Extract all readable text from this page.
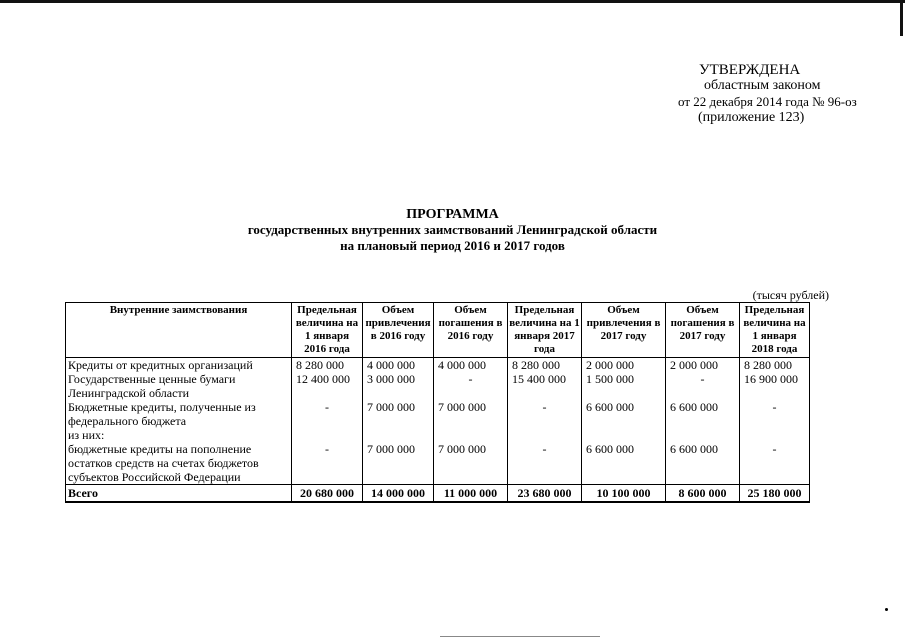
УТВЕРЖДЕНА
областным законом
от 22 декабря 2014 года № 96-оз
(приложение 123)
ПРОГРАММА
государственных внутренних заимствований Ленинградской области
на плановый период 2016 и 2017 годов
(тысяч рублей)
Внутренние заимствования	Предельная величина на 1 января 2016 года	Объем привлечения в 2016 году	Объем погашения в 2016 году	Предельная величина на 1 января 2017 года	Объем привлечения в 2017 году	Объем погашения в 2017 году	Предельная величина на 1 января 2018 года
Кредиты от кредитных организаций	8 280 000	4 000 000	4 000 000	8 280 000	2 000 000	2 000 000	8 280 000
Государственные ценные бумаги Ленинградской области	12 400 000	3 000 000	-	15 400 000	1 500 000	-	16 900 000
Бюджетные кредиты, полученные из федерального бюджета	-	7 000 000	7 000 000	-	6 600 000	6 600 000	-
из них:							
бюджетные кредиты на пополнение остатков средств на счетах бюджетов субъектов Российской Федерации	-	7 000 000	7 000 000	-	6 600 000	6 600 000	-
Всего	20 680 000	14 000 000	11 000 000	23 680 000	10 100 000	8 600 000	25 180 000
